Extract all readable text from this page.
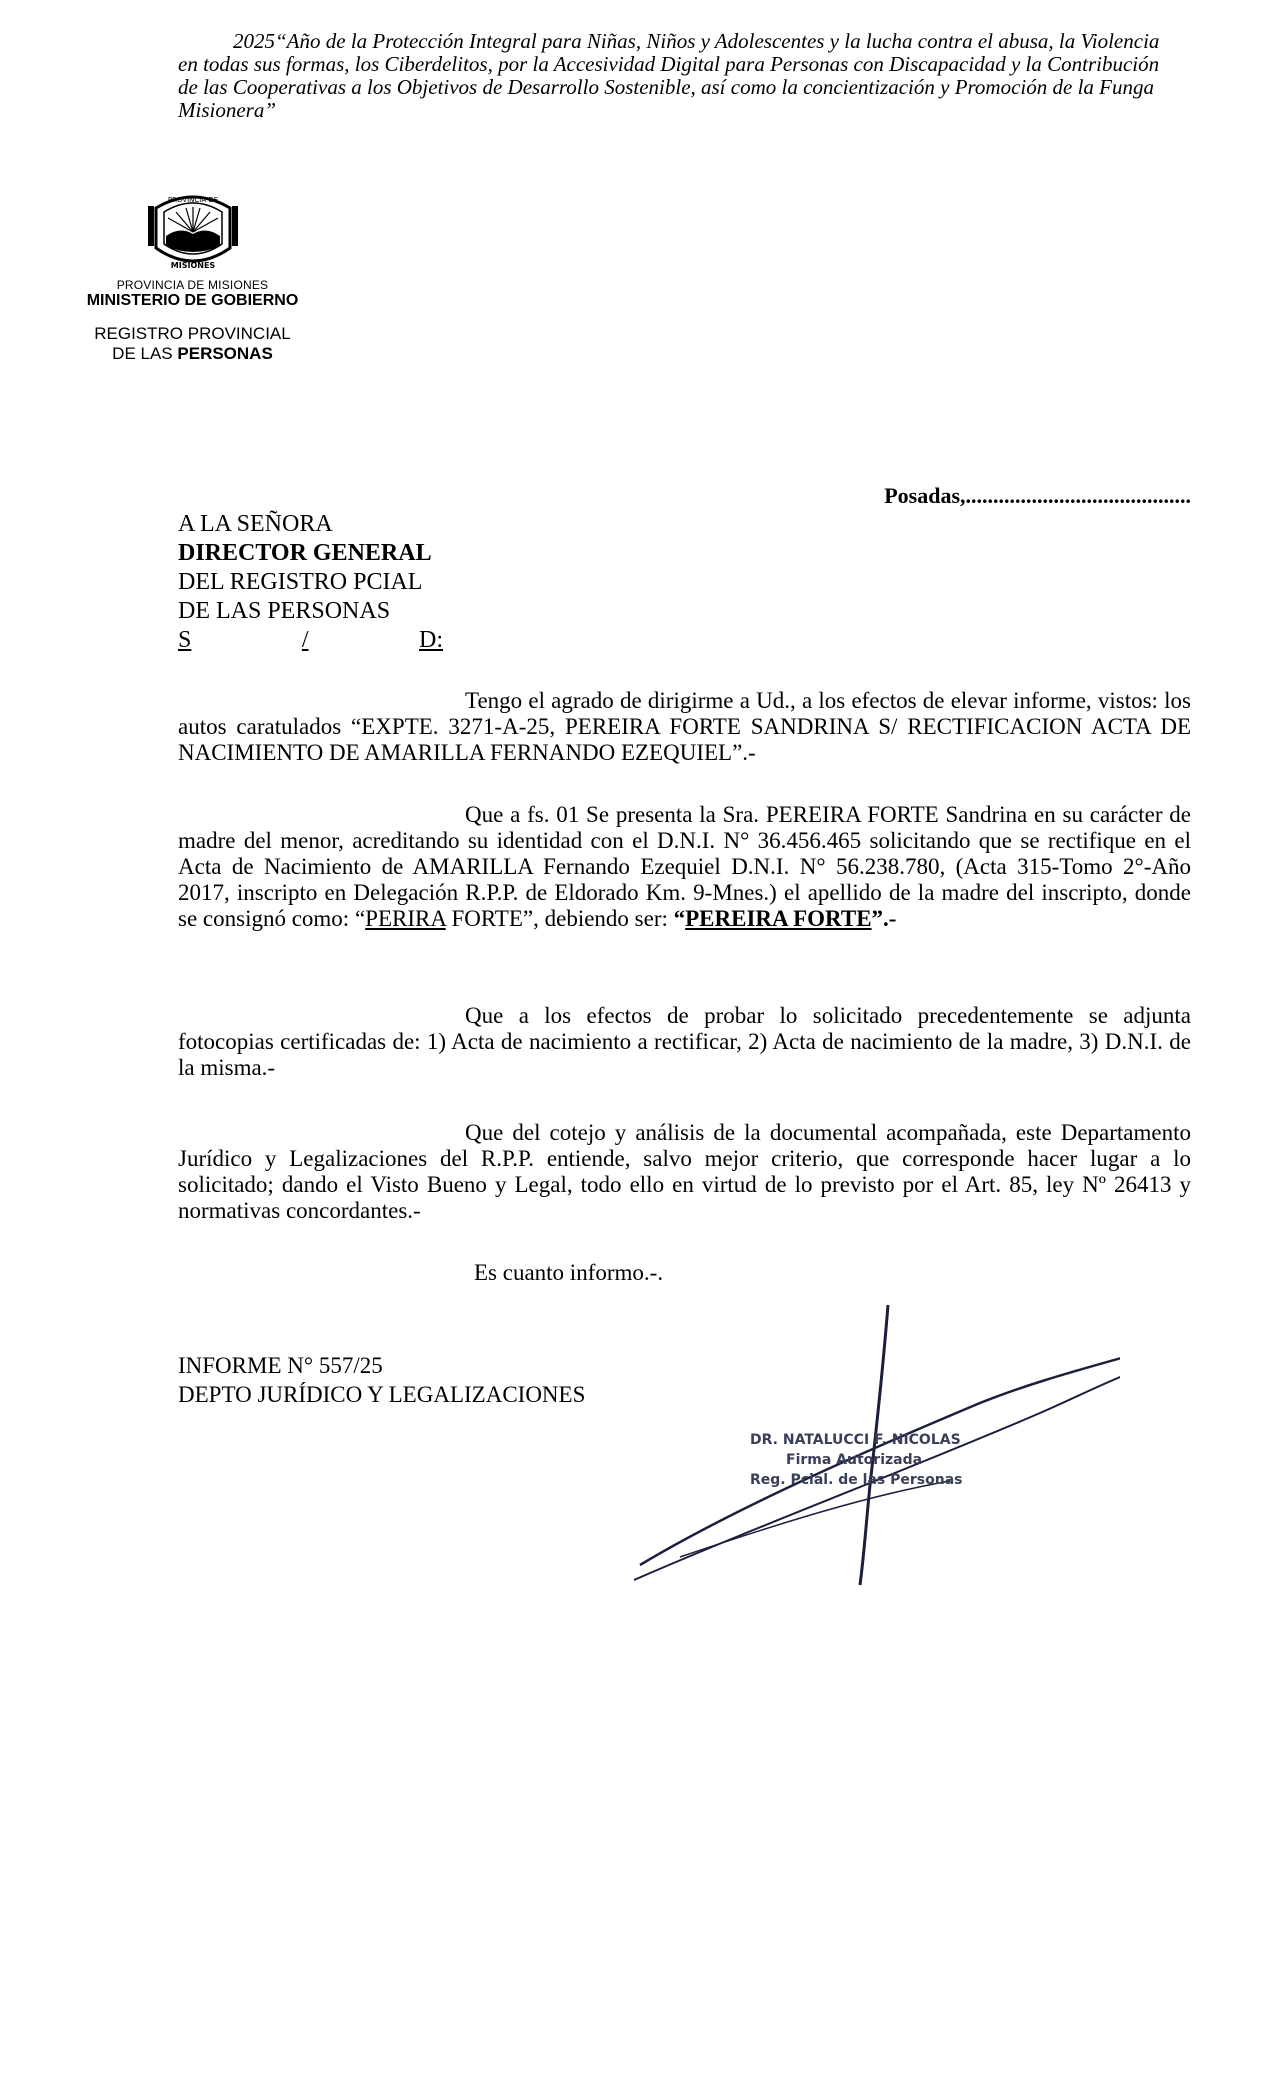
2025“Año de la Protección Integral para Niñas, Niños y Adolescentes y la lucha contra el abusa, la Violencia
en todas sus formas, los Ciberdelitos, por la Accesividad Digital para Personas con Discapacidad y la Contribución
de las Cooperativas a los Objetivos de Desarrollo Sostenible, así como la concientización y Promoción de la Funga
Misionera”
PROVINCIA DE
MISIONES
PROVINCIA DE MISIONES
MINISTERIO DE GOBIERNO
REGISTRO PROVINCIAL
DE LAS PERSONAS
Posadas,.........................................
A LA SEÑORA
DIRECTOR GENERAL
DEL REGISTRO PCIAL
DE LAS PERSONAS
S	/	D:
Tengo el agrado de dirigirme a Ud., a los efectos de elevar informe, vistos: los autos caratulados “EXPTE. 3271-A-25, PEREIRA FORTE SANDRINA S/ RECTIFICACION ACTA DE NACIMIENTO DE AMARILLA FERNANDO EZEQUIEL”.-
Que a fs. 01 Se presenta la Sra. PEREIRA FORTE Sandrina en su carácter de madre del menor, acreditando su identidad con el D.N.I. N° 36.456.465 solicitando que se rectifique en el Acta de Nacimiento de AMARILLA Fernando Ezequiel D.N.I. N° 56.238.780, (Acta 315-Tomo 2°-Año 2017, inscripto en Delegación R.P.P. de Eldorado Km. 9-Mnes.) el apellido de la madre del inscripto, donde se consignó como: “PERIRA FORTE”, debiendo ser: “PEREIRA FORTE”.-
Que a los efectos de probar lo solicitado precedentemente se adjunta fotocopias certificadas de: 1) Acta de nacimiento a rectificar, 2) Acta de nacimiento de la madre, 3) D.N.I. de la misma.-
Que del cotejo y análisis de la documental acompañada, este Departamento Jurídico y Legalizaciones del R.P.P. entiende, salvo mejor criterio, que corresponde hacer lugar a lo solicitado; dando el Visto Bueno y Legal, todo ello en virtud de lo previsto por el Art. 85, ley Nº 26413 y normativas concordantes.-
Es cuanto informo.-.
INFORME N° 557/25
DEPTO JURÍDICO Y LEGALIZACIONES
DR. NATALUCCI F. NICOLAS
Firma Autorizada
Reg. Pcial. de las Personas
